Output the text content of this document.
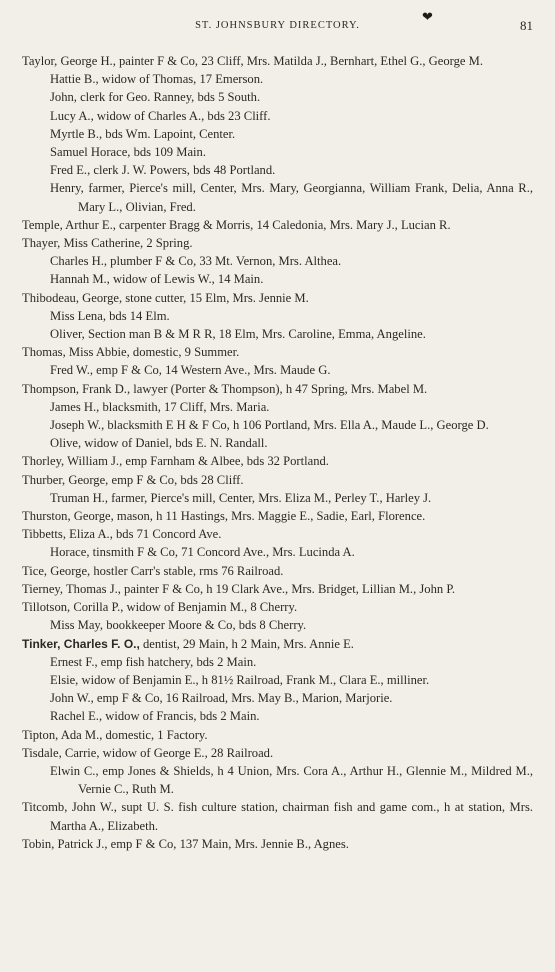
ST. JOHNSBURY DIRECTORY.
❤
81
Taylor, George H., painter F & Co, 23 Cliff, Mrs. Matilda J., Bernhart, Ethel G., George M.
Hattie B., widow of Thomas, 17 Emerson.
John, clerk for Geo. Ranney, bds 5 South.
Lucy A., widow of Charles A., bds 23 Cliff.
Myrtle B., bds Wm. Lapoint, Center.
Samuel Horace, bds 109 Main.
Fred E., clerk J. W. Powers, bds 48 Portland.
Henry, farmer, Pierce's mill, Center, Mrs. Mary, Georgianna, William Frank, Delia, Anna R., Mary L., Olivian, Fred.
Temple, Arthur E., carpenter Bragg & Morris, 14 Caledonia, Mrs. Mary J., Lucian R.
Thayer, Miss Catherine, 2 Spring.
Charles H., plumber F & Co, 33 Mt. Vernon, Mrs. Althea.
Hannah M., widow of Lewis W., 14 Main.
Thibodeau, George, stone cutter, 15 Elm, Mrs. Jennie M.
Miss Lena, bds 14 Elm.
Oliver, Section man B & M R R, 18 Elm, Mrs. Caroline, Emma, Angeline.
Thomas, Miss Abbie, domestic, 9 Summer.
Fred W., emp F & Co, 14 Western Ave., Mrs. Maude G.
Thompson, Frank D., lawyer (Porter & Thompson), h 47 Spring, Mrs. Mabel M.
James H., blacksmith, 17 Cliff, Mrs. Maria.
Joseph W., blacksmith E H & F Co, h 106 Portland, Mrs. Ella A., Maude L., George D.
Olive, widow of Daniel, bds E. N. Randall.
Thorley, William J., emp Farnham & Albee, bds 32 Portland.
Thurber, George, emp F & Co, bds 28 Cliff.
Truman H., farmer, Pierce's mill, Center, Mrs. Eliza M., Perley T., Harley J.
Thurston, George, mason, h 11 Hastings, Mrs. Maggie E., Sadie, Earl, Florence.
Tibbetts, Eliza A., bds 71 Concord Ave.
Horace, tinsmith F & Co, 71 Concord Ave., Mrs. Lucinda A.
Tice, George, hostler Carr's stable, rms 76 Railroad.
Tierney, Thomas J., painter F & Co, h 19 Clark Ave., Mrs. Bridget, Lillian M., John P.
Tillotson, Corilla P., widow of Benjamin M., 8 Cherry.
Miss May, bookkeeper Moore & Co, bds 8 Cherry.
Tinker, Charles F. O., dentist, 29 Main, h 2 Main, Mrs. Annie E.
Ernest F., emp fish hatchery, bds 2 Main.
Elsie, widow of Benjamin E., h 81½ Railroad, Frank M., Clara E., milliner.
John W., emp F & Co, 16 Railroad, Mrs. May B., Marion, Marjorie.
Rachel E., widow of Francis, bds 2 Main.
Tipton, Ada M., domestic, 1 Factory.
Tisdale, Carrie, widow of George E., 28 Railroad.
Elwin C., emp Jones & Shields, h 4 Union, Mrs. Cora A., Arthur H., Glennie M., Mildred M., Vernie C., Ruth M.
Titcomb, John W., supt U. S. fish culture station, chairman fish and game com., h at station, Mrs. Martha A., Elizabeth.
Tobin, Patrick J., emp F & Co, 137 Main, Mrs. Jennie B., Agnes.
